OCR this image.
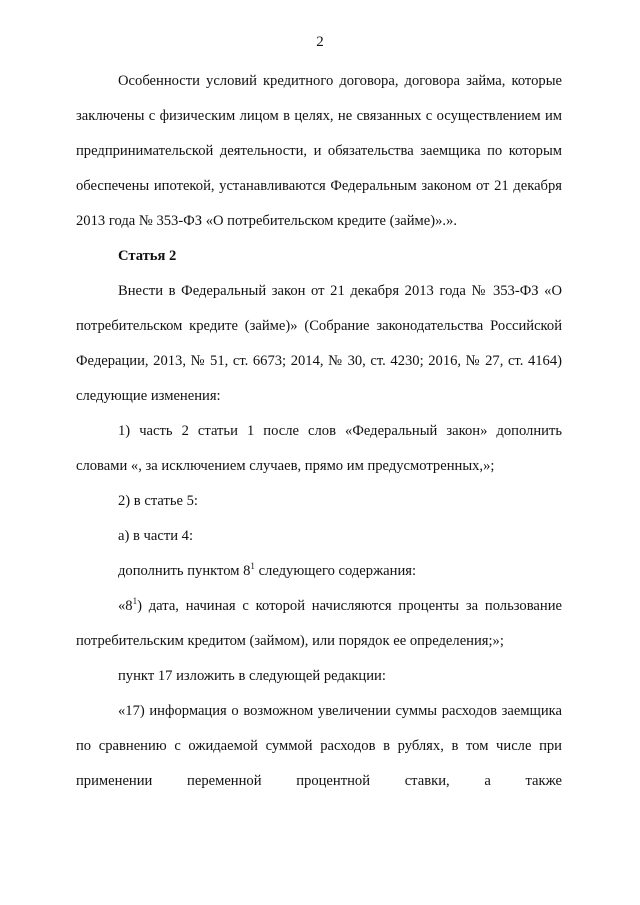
2

Особенности условий кредитного договора, договора займа, которые заключены с физическим лицом в целях, не связанных с осуществлением им предпринимательской деятельности, и обязательства заемщика по которым обеспечены ипотекой, устанавливаются Федеральным законом от 21 декабря 2013 года № 353-ФЗ «О потребительском кредите (займе)».».

Статья 2

Внести в Федеральный закон от 21 декабря 2013 года № 353-ФЗ «О потребительском кредите (займе)» (Собрание законодательства Российской Федерации, 2013, № 51, ст. 6673; 2014, № 30, ст. 4230; 2016, № 27, ст. 4164) следующие изменения:

1) часть 2 статьи 1 после слов «Федеральный закон» дополнить словами «, за исключением случаев, прямо им предусмотренных,»;

2) в статье 5:

а) в части 4:

дополнить пунктом $8^1$ следующего содержания:

«$8^1$) дата, начиная с которой начисляются проценты за пользование потребительским кредитом (займом), или порядок ее определения;»;

пункт 17 изложить в следующей редакции:

«17) информация о возможном увеличении суммы расходов заемщика по сравнению с ожидаемой суммой расходов в рублях, в том числе при применении переменной процентной ставки, а также
